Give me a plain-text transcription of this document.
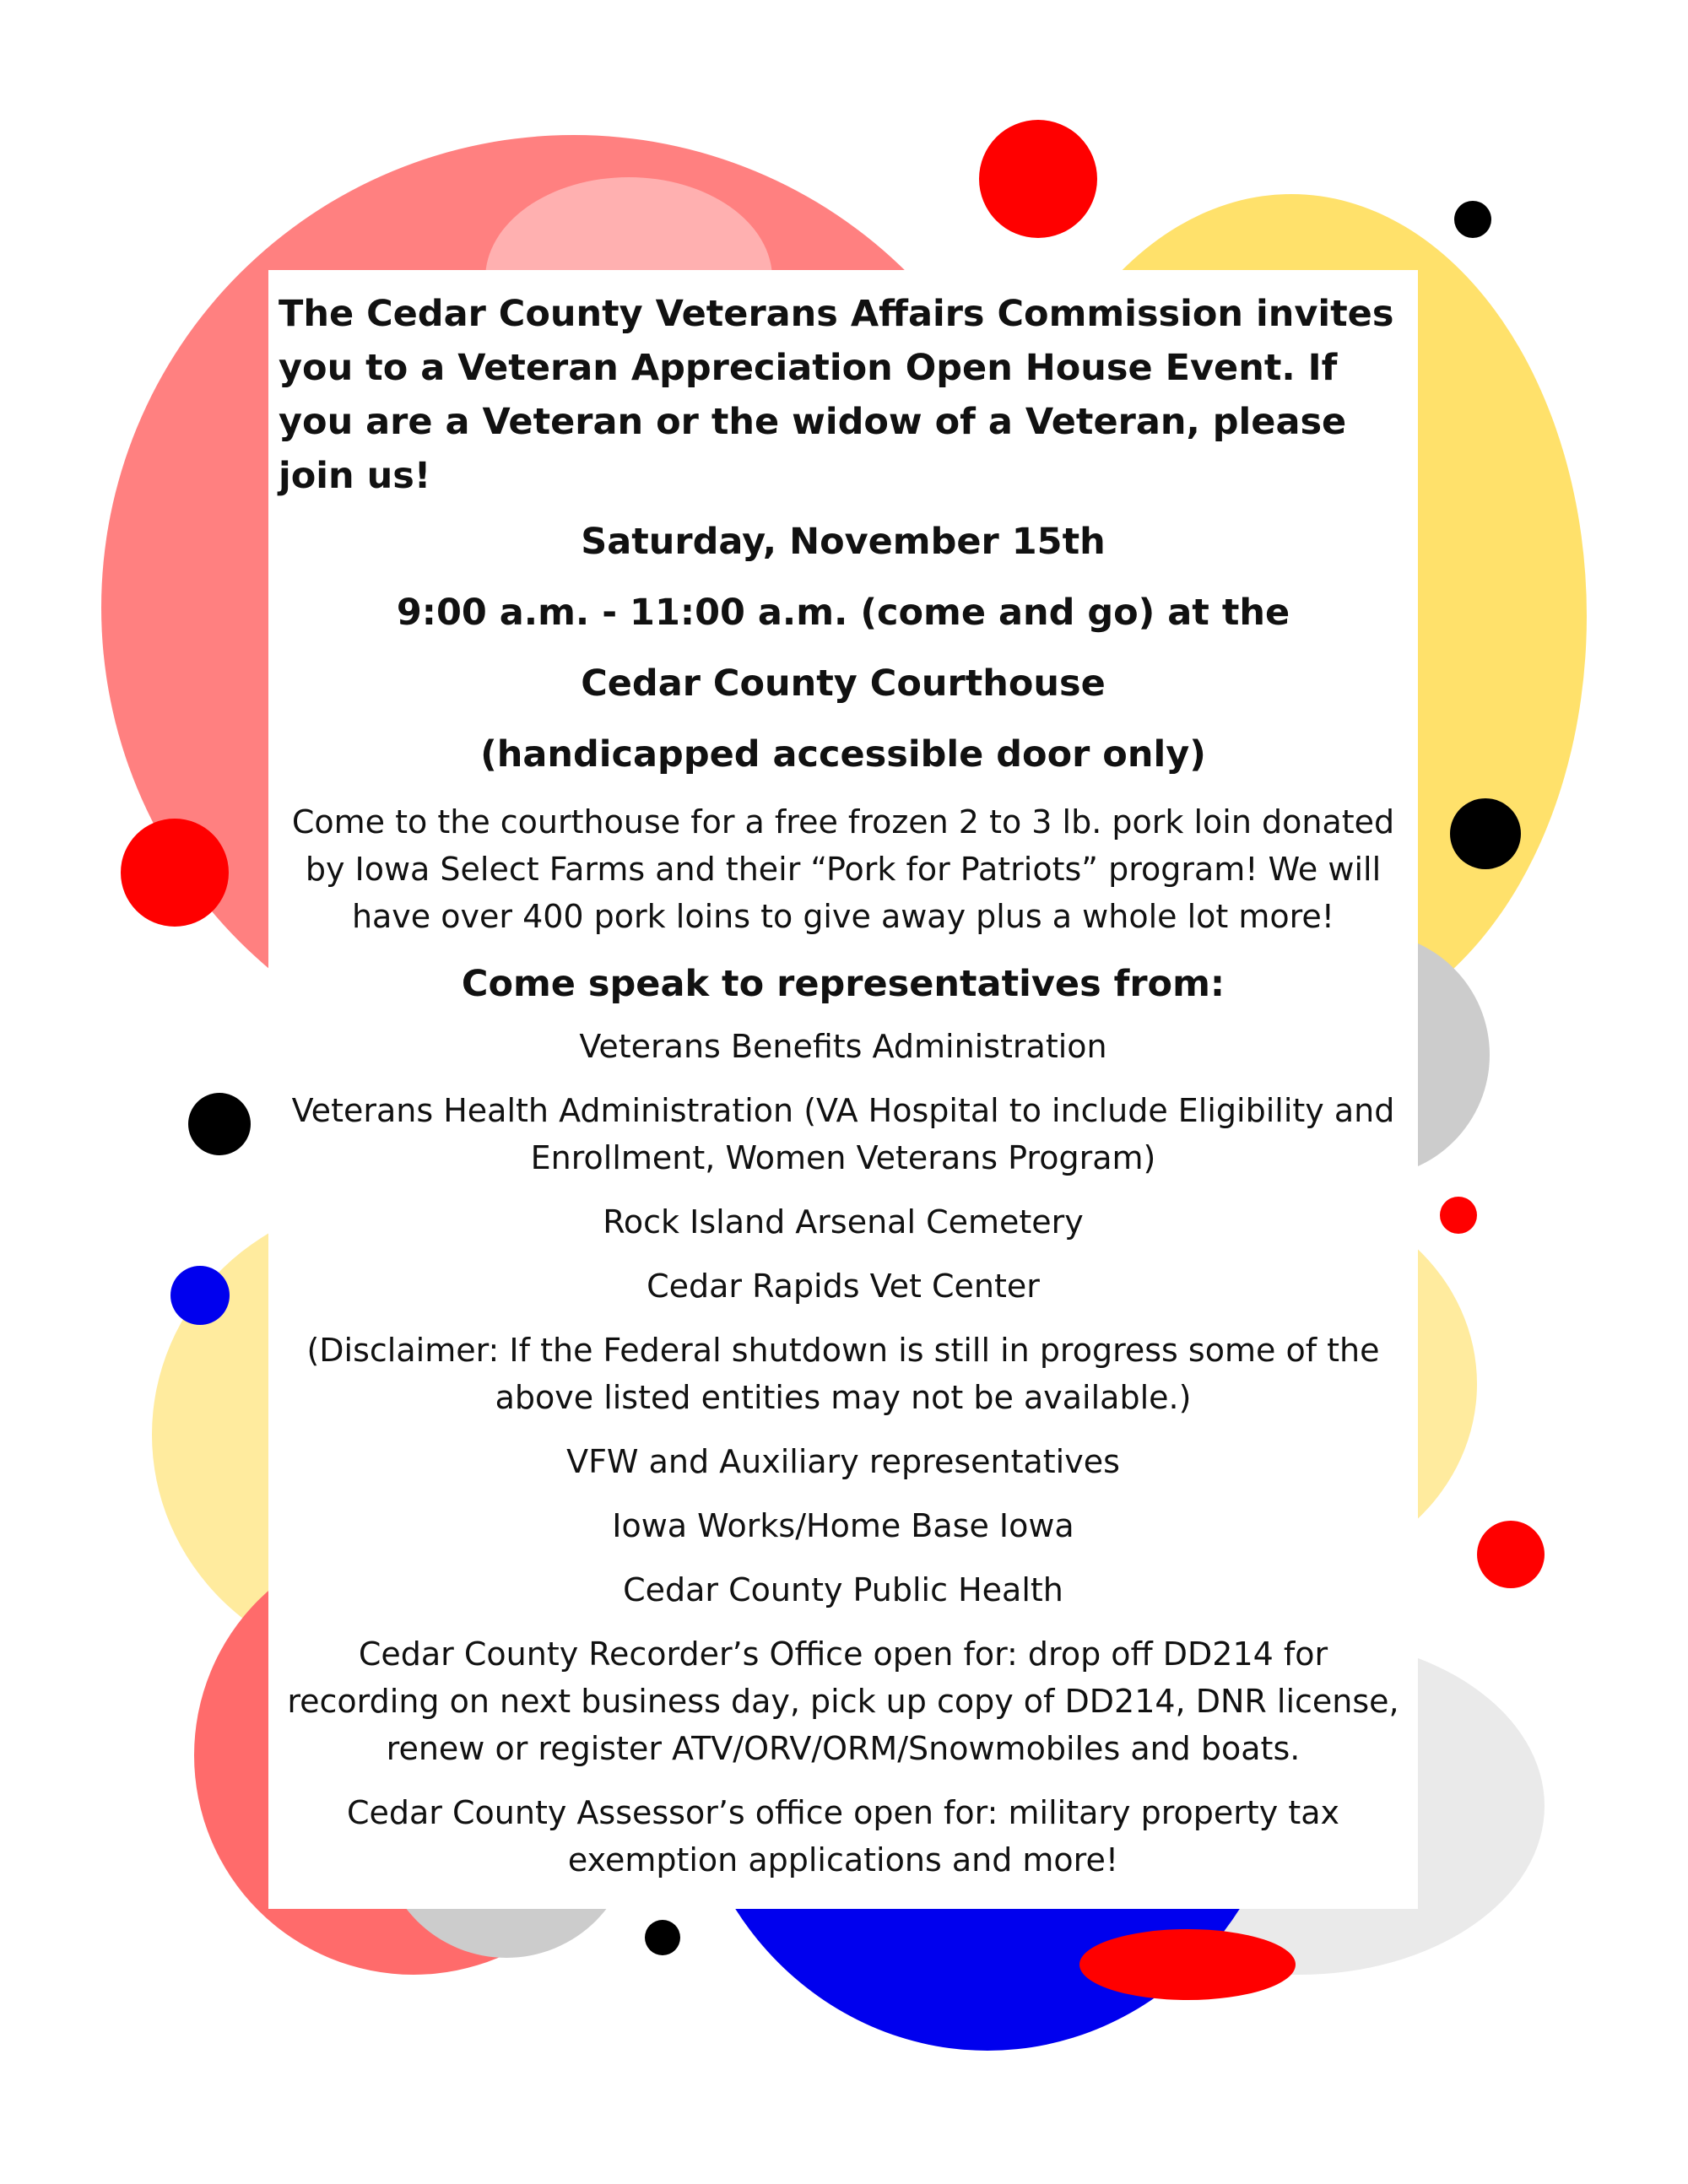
The Cedar County Veterans Affairs Commission invites you to a Veteran Appreciation Open House Event. If you are a Veteran or the widow of a Veteran, please join us!

Saturday, November 15th

9:00 a.m. - 11:00 a.m. (come and go) at the

Cedar County Courthouse

(handicapped accessible door only)

Come to the courthouse for a free frozen 2 to 3 lb. pork loin donated by Iowa Select Farms and their “Pork for Patriots” program! We will have over 400 pork loins to give away plus a whole lot more!

Come speak to representatives from:

Veterans Benefits Administration

Veterans Health Administration (VA Hospital to include Eligibility and Enrollment, Women Veterans Program)

Rock Island Arsenal Cemetery

Cedar Rapids Vet Center

(Disclaimer: If the Federal shutdown is still in progress some of the above listed entities may not be available.)

VFW and Auxiliary representatives

Iowa Works/Home Base Iowa

Cedar County Public Health

Cedar County Recorder’s Office open for: drop off DD214 for recording on next business day, pick up copy of DD214, DNR license, renew or register ATV/ORV/ORM/Snowmobiles and boats.

Cedar County Assessor’s office open for: military property tax exemption applications and more!
